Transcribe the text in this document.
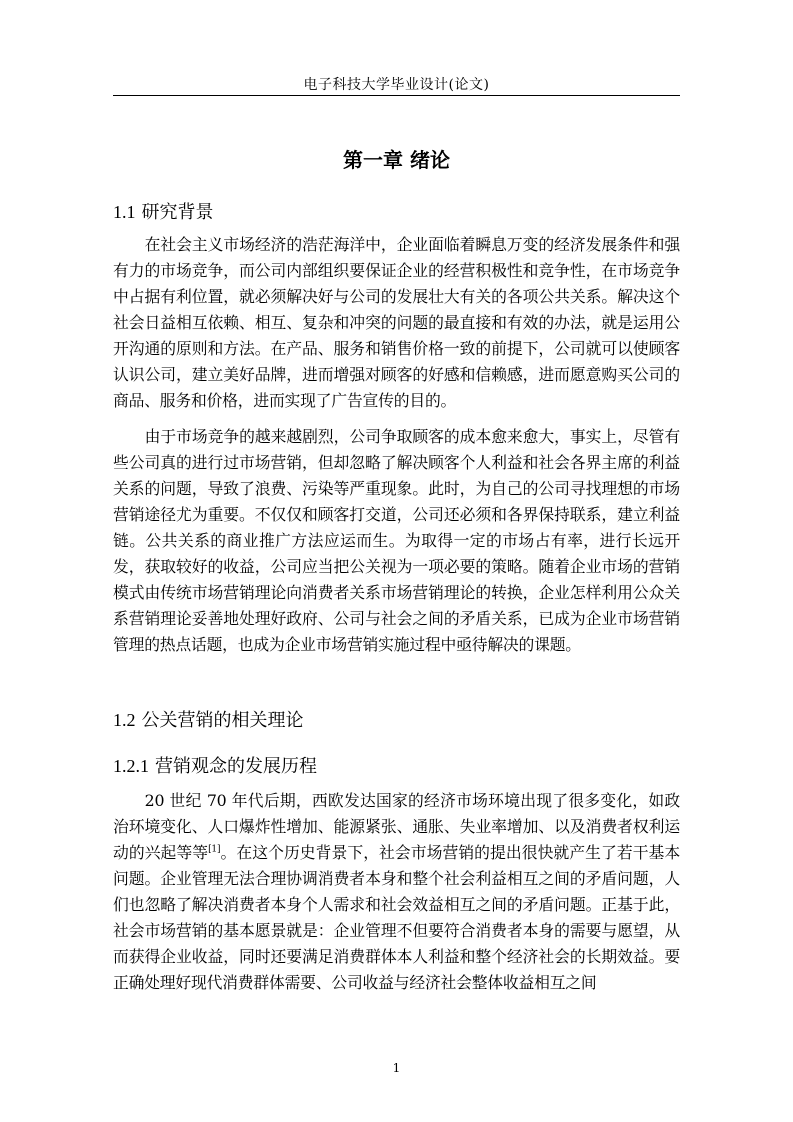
电子科技大学毕业设计(论文)
第一章 绪论
1.1 研究背景

在社会主义市场经济的浩茫海洋中，企业面临着瞬息万变的经济发展条件和强有力的市场竞争，而公司内部组织要保证企业的经营积极性和竞争性，在市场竞争中占据有利位置，就必须解决好与公司的发展壮大有关的各项公共关系。解决这个社会日益相互依赖、相互、复杂和冲突的问题的最直接和有效的办法，就是运用公开沟通的原则和方法。在产品、服务和销售价格一致的前提下，公司就可以使顾客认识公司，建立美好品牌，进而增强对顾客的好感和信赖感，进而愿意购买公司的商品、服务和价格，进而实现了广告宣传的目的。

由于市场竞争的越来越剧烈，公司争取顾客的成本愈来愈大，事实上，尽管有些公司真的进行过市场营销，但却忽略了解决顾客个人利益和社会各界主席的利益关系的问题，导致了浪费、污染等严重现象。此时，为自己的公司寻找理想的市场营销途径尤为重要。不仅仅和顾客打交道，公司还必须和各界保持联系，建立利益链。公共关系的商业推广方法应运而生。为取得一定的市场占有率，进行长远开发，获取较好的收益，公司应当把公关视为一项必要的策略。随着企业市场的营销模式由传统市场营销理论向消费者关系市场营销理论的转换，企业怎样利用公众关系营销理论妥善地处理好政府、公司与社会之间的矛盾关系，已成为企业市场营销管理的热点话题，也成为企业市场营销实施过程中亟待解决的课题。

1.2 公关营销的相关理论
1.2.1 营销观念的发展历程

20 世纪 70 年代后期，西欧发达国家的经济市场环境出现了很多变化，如政治环境变化、人口爆炸性增加、能源紧张、通胀、失业率增加、以及消费者权利运动的兴起等等[1]。在这个历史背景下，社会市场营销的提出很快就产生了若干基本问题。企业管理无法合理协调消费者本身和整个社会利益相互之间的矛盾问题，人们也忽略了解决消费者本身个人需求和社会效益相互之间的矛盾问题。正基于此，社会市场营销的基本愿景就是：企业管理不但要符合消费者本身的需要与愿望，从而获得企业收益，同时还要满足消费群体本人利益和整个经济社会的长期效益。要正确处理好现代消费群体需要、公司收益与经济社会整体收益相互之间

1
